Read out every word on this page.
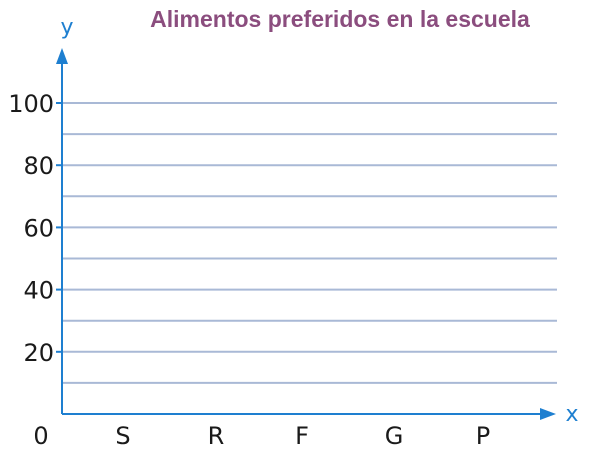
Alimentos preferidos en la escuela
y
x
0
20
40
60
80
100
S	R	F	G	P
